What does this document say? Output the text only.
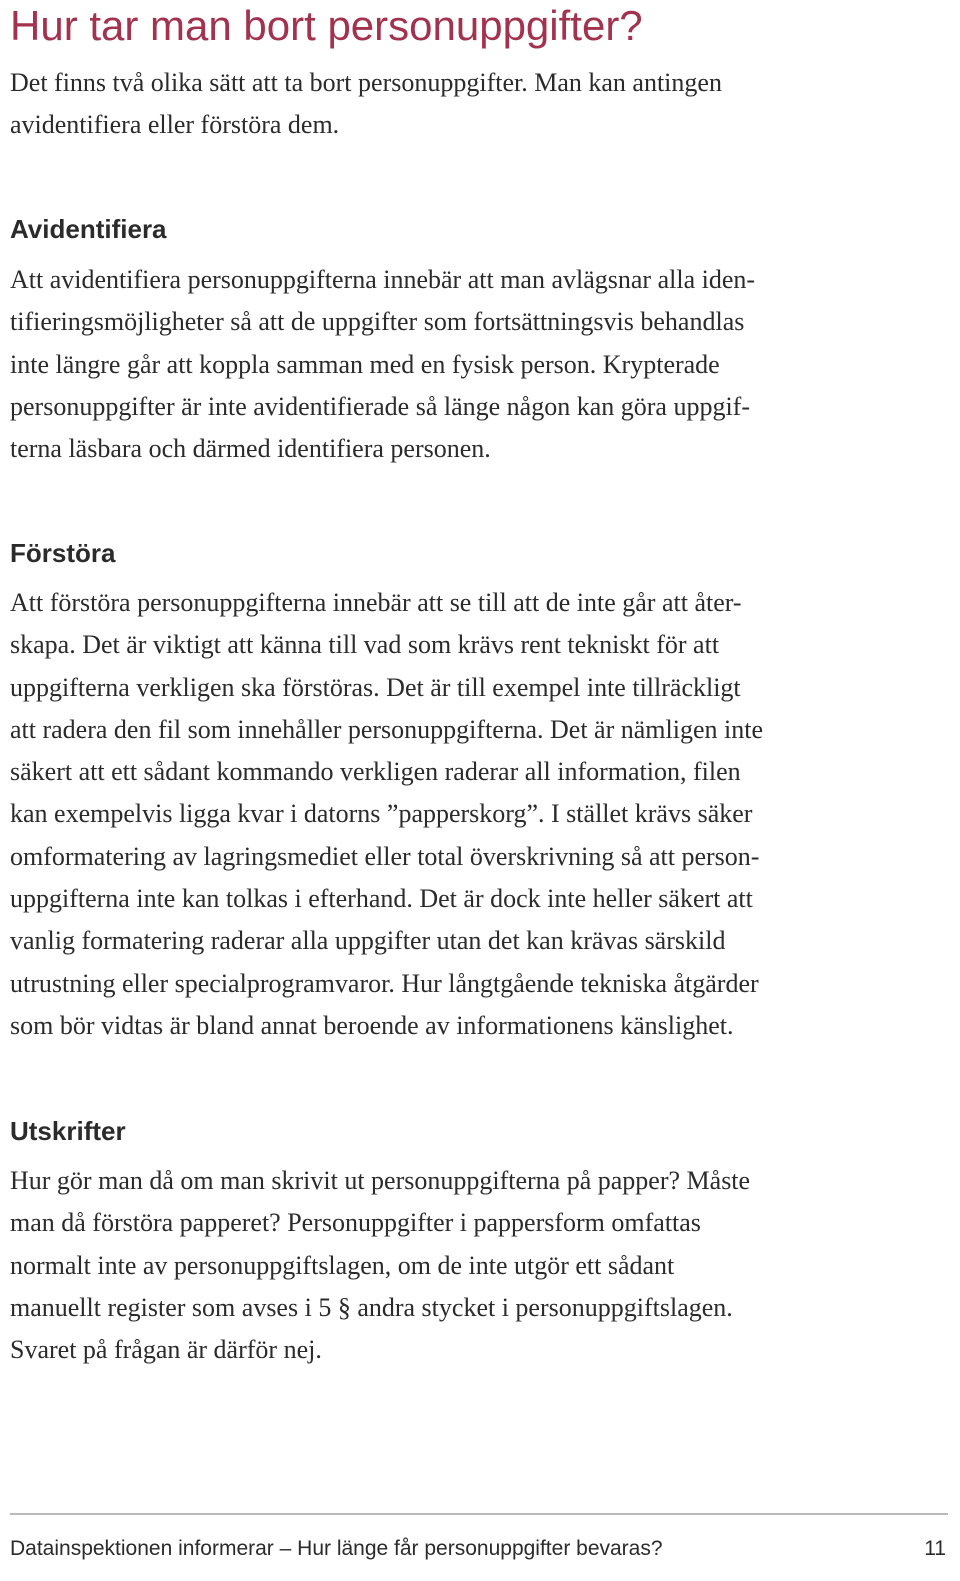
Hur tar man bort personuppgifter?

Det finns två olika sätt att ta bort personuppgifter. Man kan antingen
avidentifiera eller förstöra dem.

Avidentifiera

Att avidentifiera personuppgifterna innebär att man avlägsnar alla iden-
tifieringsmöjligheter så att de uppgifter som fortsättningsvis behandlas
inte längre går att koppla samman med en fysisk person. Krypterade
personuppgifter är inte avidentifierade så länge någon kan göra uppgif-
terna läsbara och därmed identifiera personen.

Förstöra

Att förstöra personuppgifterna innebär att se till att de inte går att åter-
skapa. Det är viktigt att känna till vad som krävs rent tekniskt för att
uppgifterna verkligen ska förstöras. Det är till exempel inte tillräckligt
att radera den fil som innehåller personuppgifterna. Det är nämligen inte
säkert att ett sådant kommando verkligen raderar all information, filen
kan exempelvis ligga kvar i datorns ”papperskorg”. I stället krävs säker
omformatering av lagringsmediet eller total överskrivning så att person-
uppgifterna inte kan tolkas i efterhand. Det är dock inte heller säkert att
vanlig formatering raderar alla uppgifter utan det kan krävas särskild
utrustning eller specialprogramvaror. Hur långtgående tekniska åtgärder
som bör vidtas är bland annat beroende av informationens känslighet.

Utskrifter

Hur gör man då om man skrivit ut personuppgifterna på papper? Måste
man då förstöra papperet? Personuppgifter i pappersform omfattas
normalt inte av personuppgiftslagen, om de inte utgör ett sådant
manuellt register som avses i 5 § andra stycket i personuppgiftslagen.
Svaret på frågan är därför nej.

Datainspektionen informerar – Hur länge får personuppgifter bevaras?	11
